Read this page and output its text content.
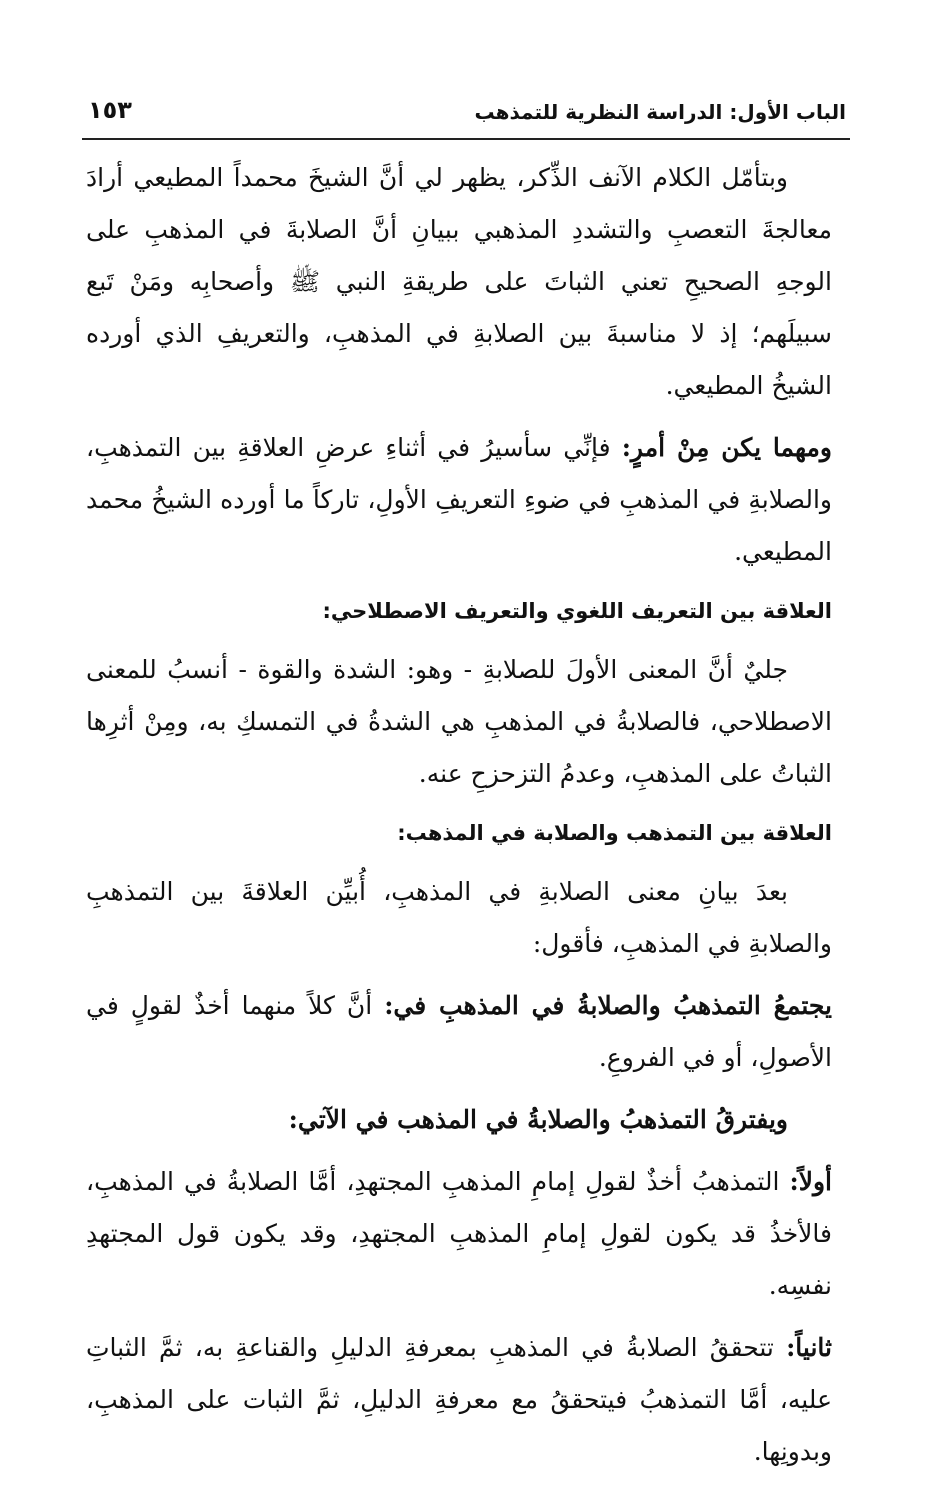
الباب الأول: الدراسة النظرية للتمذهب
١٥٣

وبتأمّل الكلام الآنف الذِّكر، يظهر لي أنَّ الشيخَ محمداً المطيعي أرادَ معالجةَ التعصبِ والتشددِ المذهبي ببيانِ أنَّ الصلابةَ في المذهبِ على الوجهِ الصحيحِ تعني الثباتَ على طريقةِ النبي ﷺ وأصحابِه ومَنْ تَبع سبيلَهم؛ إذ لا مناسبةَ بين الصلابةِ في المذهبِ، والتعريفِ الذي أورده الشيخُ المطيعي.

ومهما يكن مِنْ أمرٍ: فإنِّي سأسيرُ في أثناءِ عرضِ العلاقةِ بين التمذهبِ، والصلابةِ في المذهبِ في ضوءِ التعريفِ الأولِ، تاركاً ما أورده الشيخُ محمد المطيعي.

العلاقة بين التعريف اللغوي والتعريف الاصطلاحي:

جليٌ أنَّ المعنى الأولَ للصلابةِ - وهو: الشدة والقوة - أنسبُ للمعنى الاصطلاحي، فالصلابةُ في المذهبِ هي الشدةُ في التمسكِ به، ومِنْ أثرِها الثباتُ على المذهبِ، وعدمُ التزحزحِ عنه.

العلاقة بين التمذهب والصلابة في المذهب:

بعدَ بيانِ معنى الصلابةِ في المذهبِ، أُبيِّن العلاقةَ بين التمذهبِ والصلابةِ في المذهبِ، فأقول:

يجتمعُ التمذهبُ والصلابةُ في المذهبِ في: أنَّ كلاً منهما أخذٌ لقولٍ في الأصولِ، أو في الفروعِ.

ويفترقُ التمذهبُ والصلابةُ في المذهب في الآتي:

أولاً: التمذهبُ أخذٌ لقولِ إمامِ المذهبِ المجتهدِ، أمَّا الصلابةُ في المذهبِ، فالأخذُ قد يكون لقولِ إمامِ المذهبِ المجتهدِ، وقد يكون قول المجتهدِ نفسِه.

ثانياً: تتحققُ الصلابةُ في المذهبِ بمعرفةِ الدليلِ والقناعةِ به، ثمَّ الثباتِ عليه، أمَّا التمذهبُ فيتحققُ مع معرفةِ الدليلِ، ثمَّ الثبات على المذهبِ، وبدونِها.
